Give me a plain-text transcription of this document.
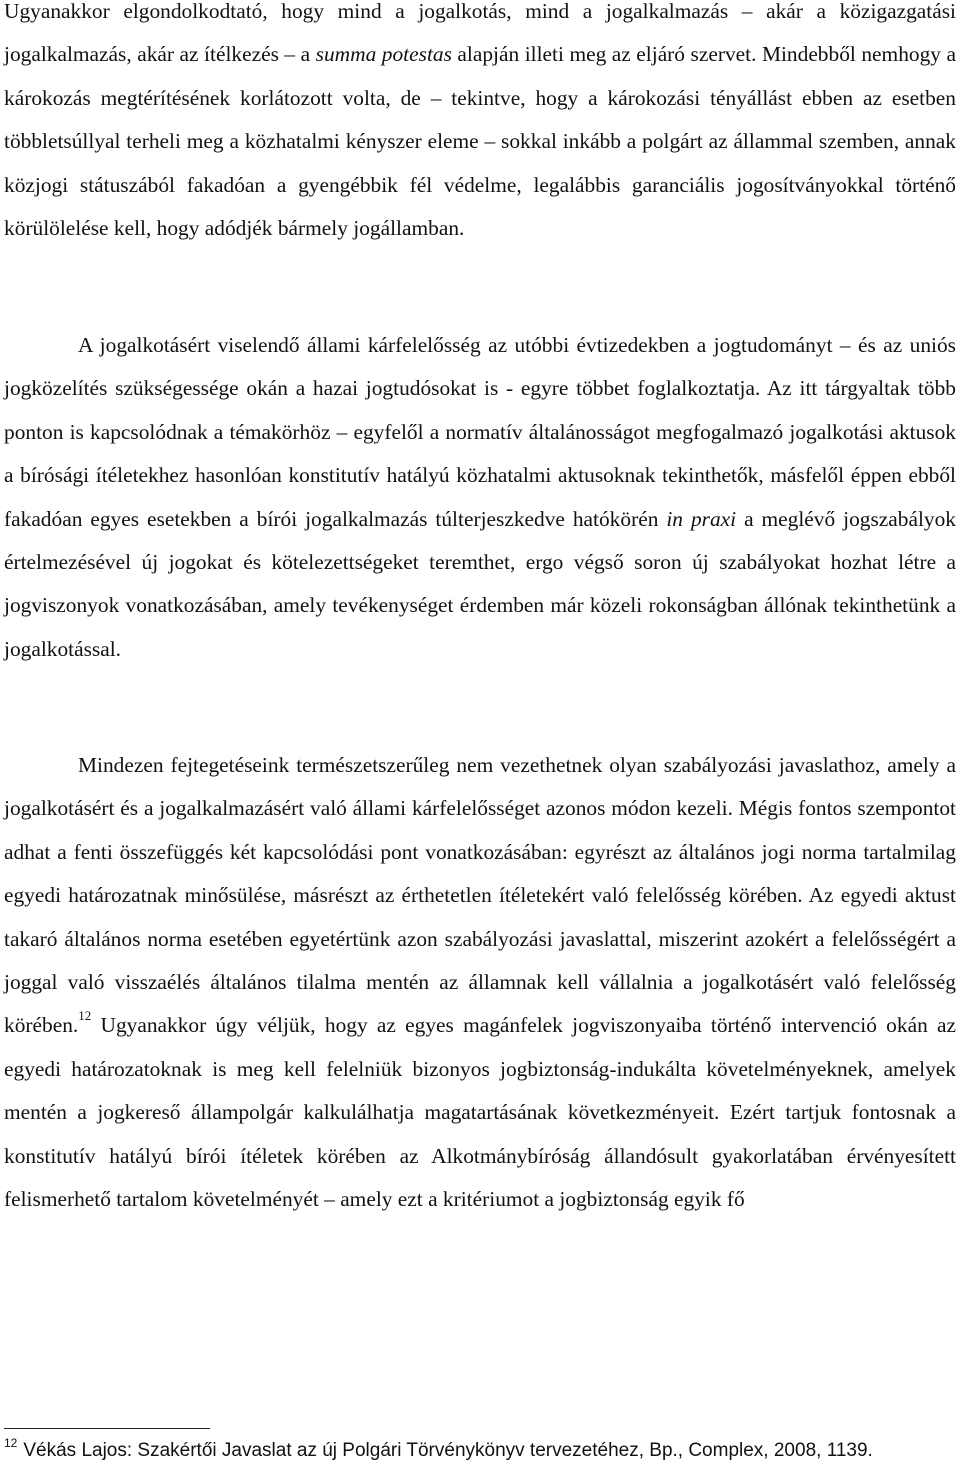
Ugyanakkor elgondolkodtató, hogy mind a jogalkotás, mind a jogalkalmazás – akár a közigazgatási jogalkalmazás, akár az ítélkezés – a summa potestas alapján illeti meg az eljáró szervet. Mindebből nemhogy a károkozás megtérítésének korlátozott volta, de – tekintve, hogy a károkozási tényállást ebben az esetben többletsúllyal terheli meg a közhatalmi kényszer eleme – sokkal inkább a polgárt az állammal szemben, annak közjogi státuszából fakadóan a gyengébbik fél védelme, legalábbis garanciális jogosítványokkal történő körülölelése kell, hogy adódjék bármely jogállamban.

A jogalkotásért viselendő állami kárfelelősség az utóbbi évtizedekben a jogtudományt – és az uniós jogközelítés szükségessége okán a hazai jogtudósokat is - egyre többet foglalkoztatja. Az itt tárgyaltak több ponton is kapcsolódnak a témakörhöz – egyfelől a normatív általánosságot megfogalmazó jogalkotási aktusok a bírósági ítéletekhez hasonlóan konstitutív hatályú közhatalmi aktusoknak tekinthetők, másfelől éppen ebből fakadóan egyes esetekben a bírói jogalkalmazás túlterjeszkedve hatókörén in praxi a meglévő jogszabályok értelmezésével új jogokat és kötelezettségeket teremthet, ergo végső soron új szabályokat hozhat létre a jogviszonyok vonatkozásában, amely tevékenységet érdemben már közeli rokonságban állónak tekinthetünk a jogalkotással.

Mindezen fejtegetéseink természetszerűleg nem vezethetnek olyan szabályozási javaslathoz, amely a jogalkotásért és a jogalkalmazásért való állami kárfelelősséget azonos módon kezeli. Mégis fontos szempontot adhat a fenti összefüggés két kapcsolódási pont vonatkozásában: egyrészt az általános jogi norma tartalmilag egyedi határozatnak minősülése, másrészt az érthetetlen ítéletekért való felelősség körében. Az egyedi aktust takaró általános norma esetében egyetértünk azon szabályozási javaslattal, miszerint azokért a felelősségért a joggal való visszaélés általános tilalma mentén az államnak kell vállalnia a jogalkotásért való felelősség körében.$^{12}$ Ugyanakkor úgy véljük, hogy az egyes magánfelek jogviszonyaiba történő intervenció okán az egyedi határozatoknak is meg kell felelniük bizonyos jogbiztonság-indukálta követelményeknek, amelyek mentén a jogkereső állampolgár kalkulálhatja magatartásának következményeit. Ezért tartjuk fontosnak a konstitutív hatályú bírói ítéletek körében az Alkotmánybíróság állandósult gyakorlatában érvényesített felismerhető tartalom követelményét – amely ezt a kritériumot a jogbiztonság egyik fő

$^{12}$ Vékás Lajos: Szakértői Javaslat az új Polgári Törvénykönyv tervezetéhez, Bp., Complex, 2008, 1139.
